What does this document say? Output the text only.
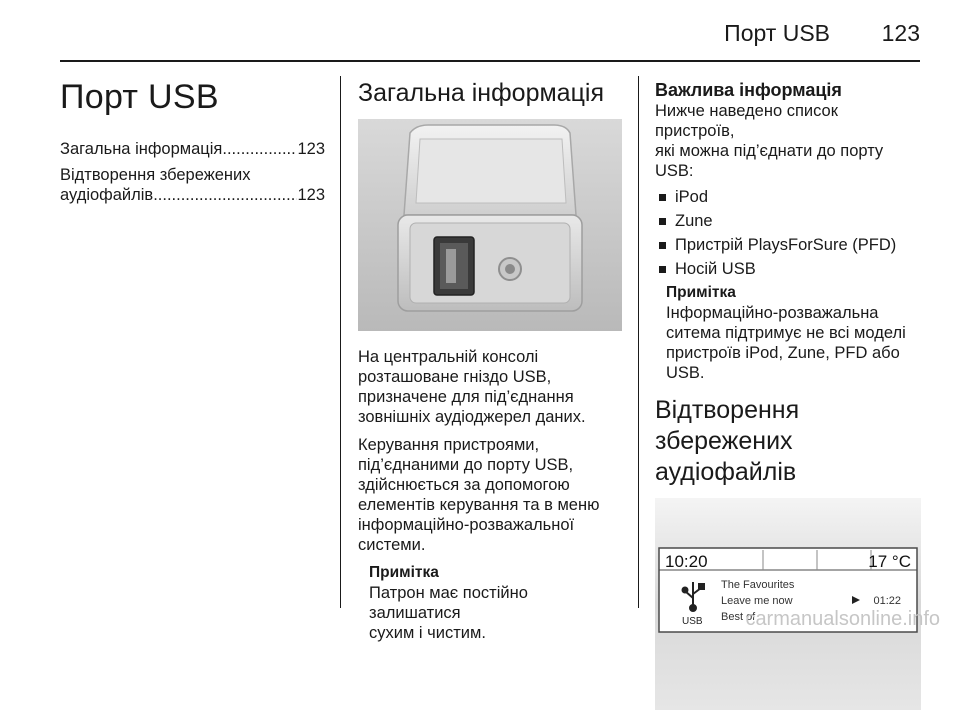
Порт USB	123
Порт USB
Загальна інформація .....	123
Відтворення збережених
аудіофайлів .....	123
Загальна інформація

На центральній консолі
розташоване гніздо USB,
призначене для під’єднання
зовнішніх аудіоджерел даних.

Керування пристроями,
під’єднаними до порту USB,
здійснюється за допомогою
елементів керування та в меню
інформаційно-розважальної
системи.

Примітка

Патрон має постійно залишатися
сухим і чистим.

Важлива інформація

Нижче наведено список пристроїв,
які можна під’єднати до порту USB:

iPod
Zune
Пристрій PlaysForSure (PFD)
Носій USB
Примітка

Інформаційно-розважальна
ситема підтримує не всі моделі
пристроїв iPod, Zune, PFD або
USB.

Відтворення збережених
аудіофайлів
10:20	17 °C
USB
The Favourites
Leave me now
Best of
01:22
carmanualsonline.info
